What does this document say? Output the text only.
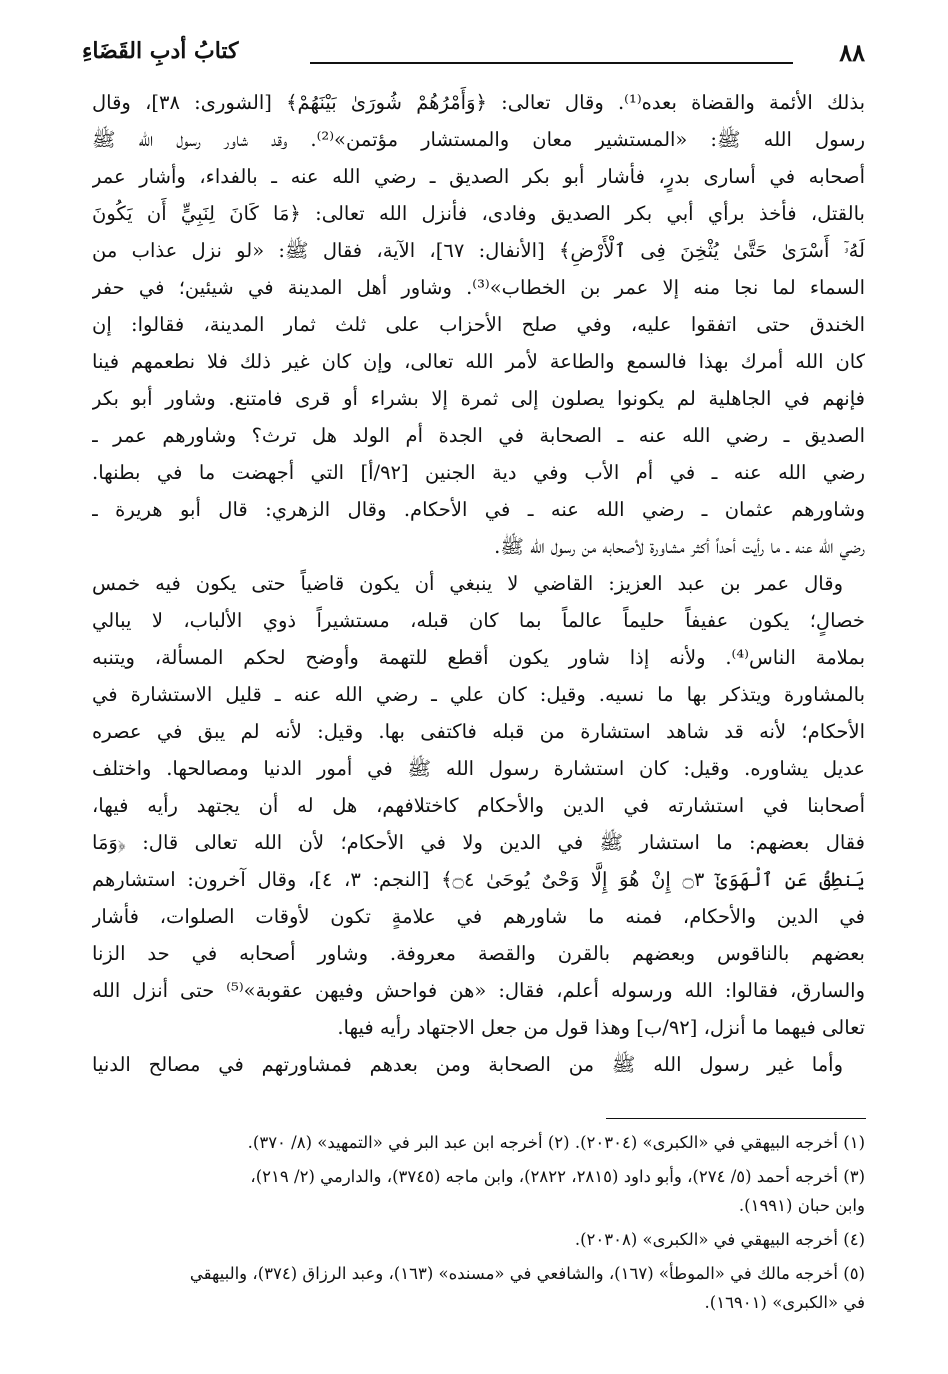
٨٨
كتابُ أدبِ القَضَاءِ
بذلك الأئمة والقضاة بعده⁽¹⁾. وقال تعالى: ﴿وَأَمْرُهُمْ شُورَىٰ بَيْنَهُمْ﴾ [الشورى: ٣٨]، وقال
رسول الله ﷺ: «المستشير معان والمستشار مؤتمن»⁽²⁾. وقد شاور رسول الله ﷺ
أصحابه في أسارى بدرٍ، فأشار أبو بكر الصديق ـ رضي الله عنه ـ بالفداء، وأشار عمر
بالقتل، فأخذ برأي أبي بكر الصديق وفادى، فأنزل الله تعالى: ﴿مَا كَانَ لِنَبِيٍّ أَن يَكُونَ
لَهُۥٓ أَسْرَىٰ حَتَّىٰ يُثْخِنَ فِى ٱلْأَرْضِ﴾ [الأنفال: ٦٧]، الآية، فقال ﷺ: «لو نزل عذاب من
السماء لما نجا منه إلا عمر بن الخطاب»⁽³⁾. وشاور أهل المدينة في شيئين؛ في حفر
الخندق حتى اتفقوا عليه، وفي صلح الأحزاب على ثلث ثمار المدينة، فقالوا: إن
كان الله أمرك بهذا فالسمع والطاعة لأمر الله تعالى، وإن كان غير ذلك فلا نطعمهم فينا
فإنهم في الجاهلية لم يكونوا يصلون إلى ثمرة إلا بشراء أو قرى فامتنع. وشاور أبو بكر
الصديق ـ رضي الله عنه ـ الصحابة في الجدة أم الولد هل ترث؟ وشاورهم عمر ـ
رضي الله عنه ـ في أم الأب وفي دية الجنين [٩٢/أ] التي أجهضت ما في بطنها.
وشاورهم عثمان ـ رضي الله عنه ـ في الأحكام. وقال الزهري: قال أبو هريرة ـ
رضي الله عنه ـ ما رأيت أحداً أكثر مشاورة لأصحابه من رسول الله ﷺ.
وقال عمر بن عبد العزيز: القاضي لا ينبغي أن يكون قاضياً حتى يكون فيه خمس
خصالٍ؛ يكون عفيفاً حليماً عالماً بما كان قبله، مستشيراً ذوي الألباب، لا يبالي
بملامة الناس⁽⁴⁾. ولأنه إذا شاور يكون أقطع للتهمة وأوضح لحكم المسألة، ويتنبه
بالمشاورة ويتذكر بها ما نسيه. وقيل: كان علي ـ رضي الله عنه ـ قليل الاستشارة في
الأحكام؛ لأنه قد شاهد استشارة من قبله فاكتفى بها. وقيل: لأنه لم يبق في عصره
عديل يشاوره. وقيل: كان استشارة رسول الله ﷺ في أمور الدنيا ومصالحها. واختلف
أصحابنا في استشارته في الدين والأحكام كاختلافهم، هل له أن يجتهد رأيه فيها،
فقال بعضهم: ما استشار ﷺ في الدين ولا في الأحكام؛ لأن الله تعالى قال: ﴿وَمَا
يَنطِقُ عَنِ ٱلْهَوَىٰٓ ۝٣ إِنْ هُوَ إِلَّا وَحْىٌ يُوحَىٰ ۝٤﴾ [النجم: ٣، ٤]، وقال آخرون: استشارهم
في الدين والأحكام، فمنه ما شاورهم في علامةٍ تكون لأوقات الصلوات، فأشار
بعضهم بالناقوس وبعضهم بالقرن والقصة معروفة. وشاور أصحابه في حد الزنا
والسارق، فقالوا: الله ورسوله أعلم، فقال: «هن فواحش وفيهن عقوبة»⁽⁵⁾ حتى أنزل الله
تعالى فيهما ما أنزل، [٩٢/ب] وهذا قول من جعل الاجتهاد رأيه فيها.
وأما غير رسول الله ﷺ من الصحابة ومن بعدهم فمشاورتهم في مصالح الدنيا
(١) أخرجه البيهقي في «الكبرى» (٢٠٣٠٤). (٢) أخرجه ابن عبد البر في «التمهيد» (٨/ ٣٧٠).
(٣) أخرجه أحمد (٥/ ٢٧٤)، وأبو داود (٢٨١٥، ٢٨٢٢)، وابن ماجه (٣٧٤٥)، والدارمي (٢/ ٢١٩)،
وابن حبان (١٩٩١).
(٤) أخرجه البيهقي في «الكبرى» (٢٠٣٠٨).
(٥) أخرجه مالك في «الموطأ» (١٦٧)، والشافعي في «مسنده» (١٦٣)، وعبد الرزاق (٣٧٤)، والبيهقي
في «الكبرى» (١٦٩٠١).
